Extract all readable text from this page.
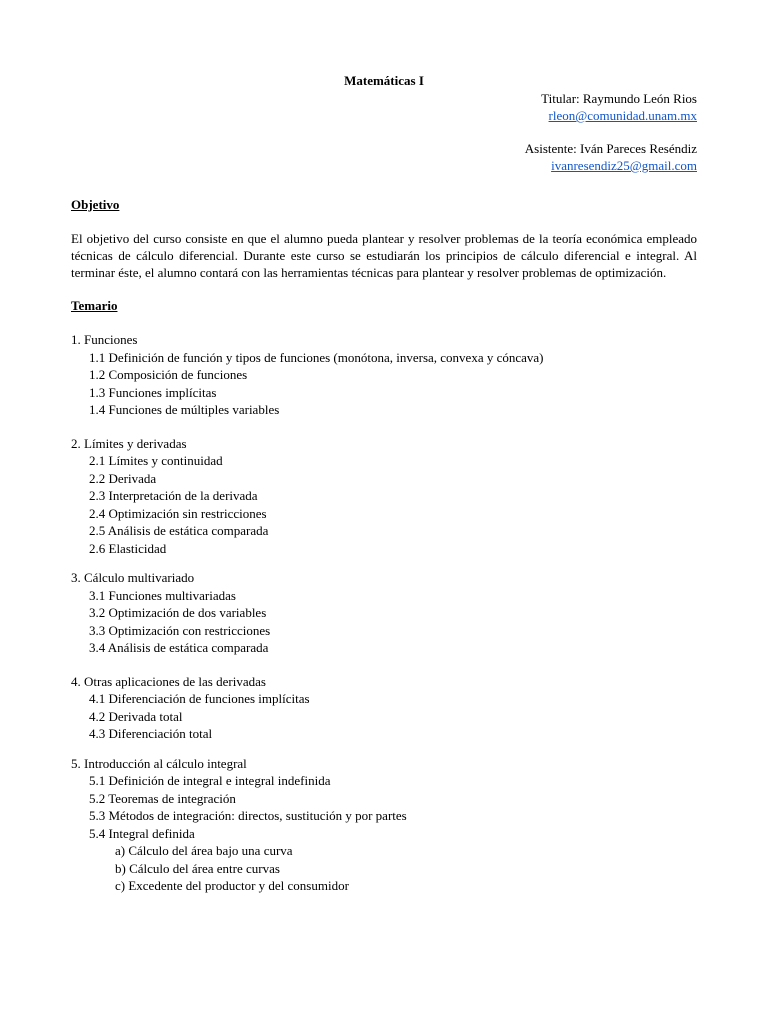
Matemáticas I
Titular: Raymundo León Rios
rleon@comunidad.unam.mx
Asistente: Iván Pareces Reséndiz
ivanresendiz25@gmail.com
Objetivo
El objetivo del curso consiste en que el alumno pueda plantear y resolver problemas de la teoría económica empleado técnicas de cálculo diferencial. Durante este curso se estudiarán los principios de cálculo diferencial e integral. Al terminar éste, el alumno contará con las herramientas técnicas para plantear y resolver problemas de optimización.
Temario
1. Funciones
1.1 Definición de función y tipos de funciones (monótona, inversa, convexa y cóncava)
1.2 Composición de funciones
1.3 Funciones implícitas
1.4 Funciones de múltiples variables
2. Límites y derivadas
2.1 Límites y continuidad
2.2 Derivada
2.3 Interpretación de la derivada
2.4 Optimización sin restricciones
2.5 Análisis de estática comparada
2.6 Elasticidad
3. Cálculo multivariado
3.1 Funciones multivariadas
3.2 Optimización de dos variables
3.3 Optimización con restricciones
3.4 Análisis de estática comparada
4. Otras aplicaciones de las derivadas
4.1 Diferenciación de funciones implícitas
4.2 Derivada total
4.3 Diferenciación total
5. Introducción al cálculo integral
5.1 Definición de integral e integral indefinida
5.2 Teoremas de integración
5.3 Métodos de integración: directos, sustitución y por partes
5.4 Integral definida
a) Cálculo del área bajo una curva
b) Cálculo del área entre curvas
c) Excedente del productor y del consumidor
